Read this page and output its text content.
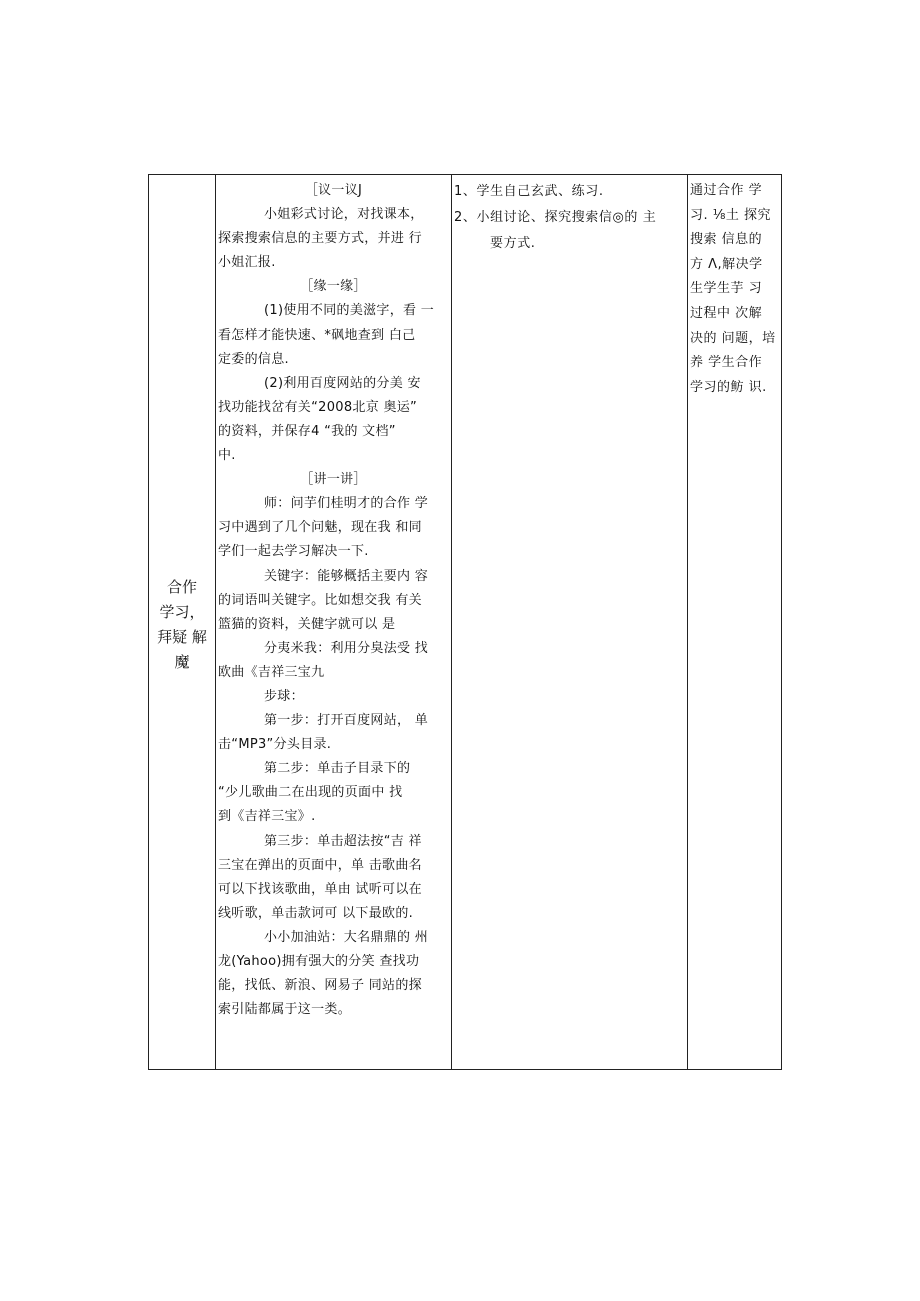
合作
学习，
拜疑 解
魔
［议一议J
小姐彩式讨论，对找课本，
探索搜索信息的主要方式，并进 行
小姐汇报.
［缘一缘］
(1)使用不同的美滋字，看 一
看怎样才能快速、*砜地查到 白己
定委的信息.
(2)利用百度网站的分美 安
找功能找岔有关“2008北京 奥运”
的资料，并保存4 “我的 文档”
中.
［讲一讲］
师：问芋们桂明才的合作 学
习中遇到了几个问魅，现在我 和同
学们一起去学习解决一下.
关键字：能够概括主要内 容
的词语叫关键字。比如想交我 有关
篮猫的资料，关健字就可以 是
分夷米我：利用分臭法受 找
欧曲《吉祥三宝九
步球：
第一步：打开百度网站， 单
击“MP3”分头目录.
第二步：单击子目录下的
“少儿歌曲二在出现的页面中 找
到《吉祥三宝》.
第三步：单击超法按“吉 祥
三宝在弹出的页面中，单 击歌曲名
可以下找该歌曲，单由 试听可以在
线听歌，单击款诃可 以下最欧的.
小小加油站：大名鼎鼎的 州
龙(Yahoo)拥有强大的分笑 查找功
能，找低、新浪、网易子 同站的探
索引陆都属于这一类。
1、学生自己玄武、练习.
2、小组讨论、探究搜索信◎的 主
要方式.
通过合作 学
习. ⅛土 探究
搜索 信息的
方 Λ,解决学
生学生芋 习
过程中 次解
决的 问题，培
养 学生合作
学习的鲂 识.
